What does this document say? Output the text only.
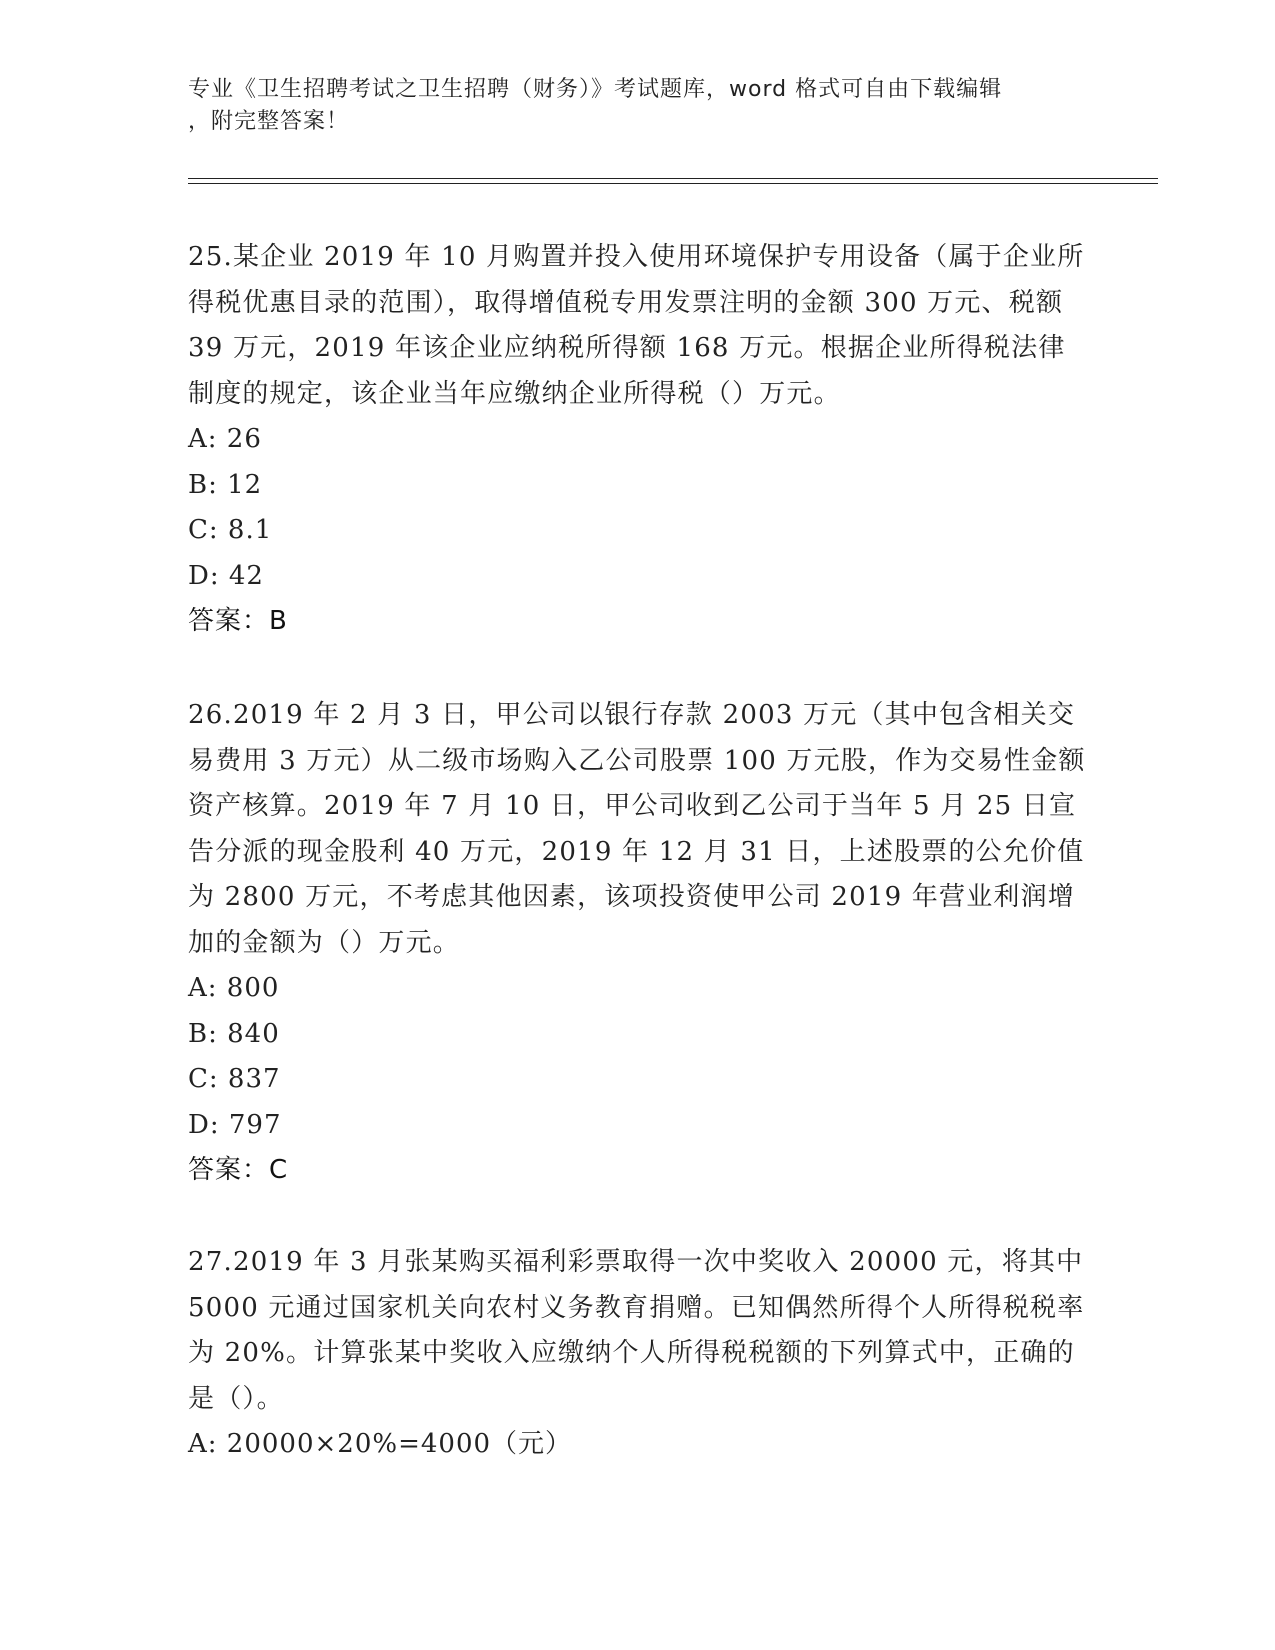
专业《卫生招聘考试之卫生招聘（财务）》考试题库，word 格式可自由下载编辑
，附完整答案！

25.某企业 2019 年 10 月购置并投入使用环境保护专用设备（属于企业所得税优惠目录的范围），取得增值税专用发票注明的金额 300 万元、税额 39 万元，2019 年该企业应纳税所得额 168 万元。根据企业所得税法律制度的规定，该企业当年应缴纳企业所得税（）万元。

A: 26
B: 12
C: 8.1
D: 42
答案：B

26.2019 年 2 月 3 日，甲公司以银行存款 2003 万元（其中包含相关交易费用 3 万元）从二级市场购入乙公司股票 100 万元股，作为交易性金额资产核算。2019 年 7 月 10 日，甲公司收到乙公司于当年 5 月 25 日宣告分派的现金股利 40 万元，2019 年 12 月 31 日，上述股票的公允价值为 2800 万元，不考虑其他因素，该项投资使甲公司 2019 年营业利润增加的金额为（）万元。

A: 800
B: 840
C: 837
D: 797
答案：C

27.2019 年 3 月张某购买福利彩票取得一次中奖收入 20000 元，将其中 5000 元通过国家机关向农村义务教育捐赠。已知偶然所得个人所得税税率为 20%。计算张某中奖收入应缴纳个人所得税税额的下列算式中，正确的是（）。

A: 20000×20%=4000（元）
